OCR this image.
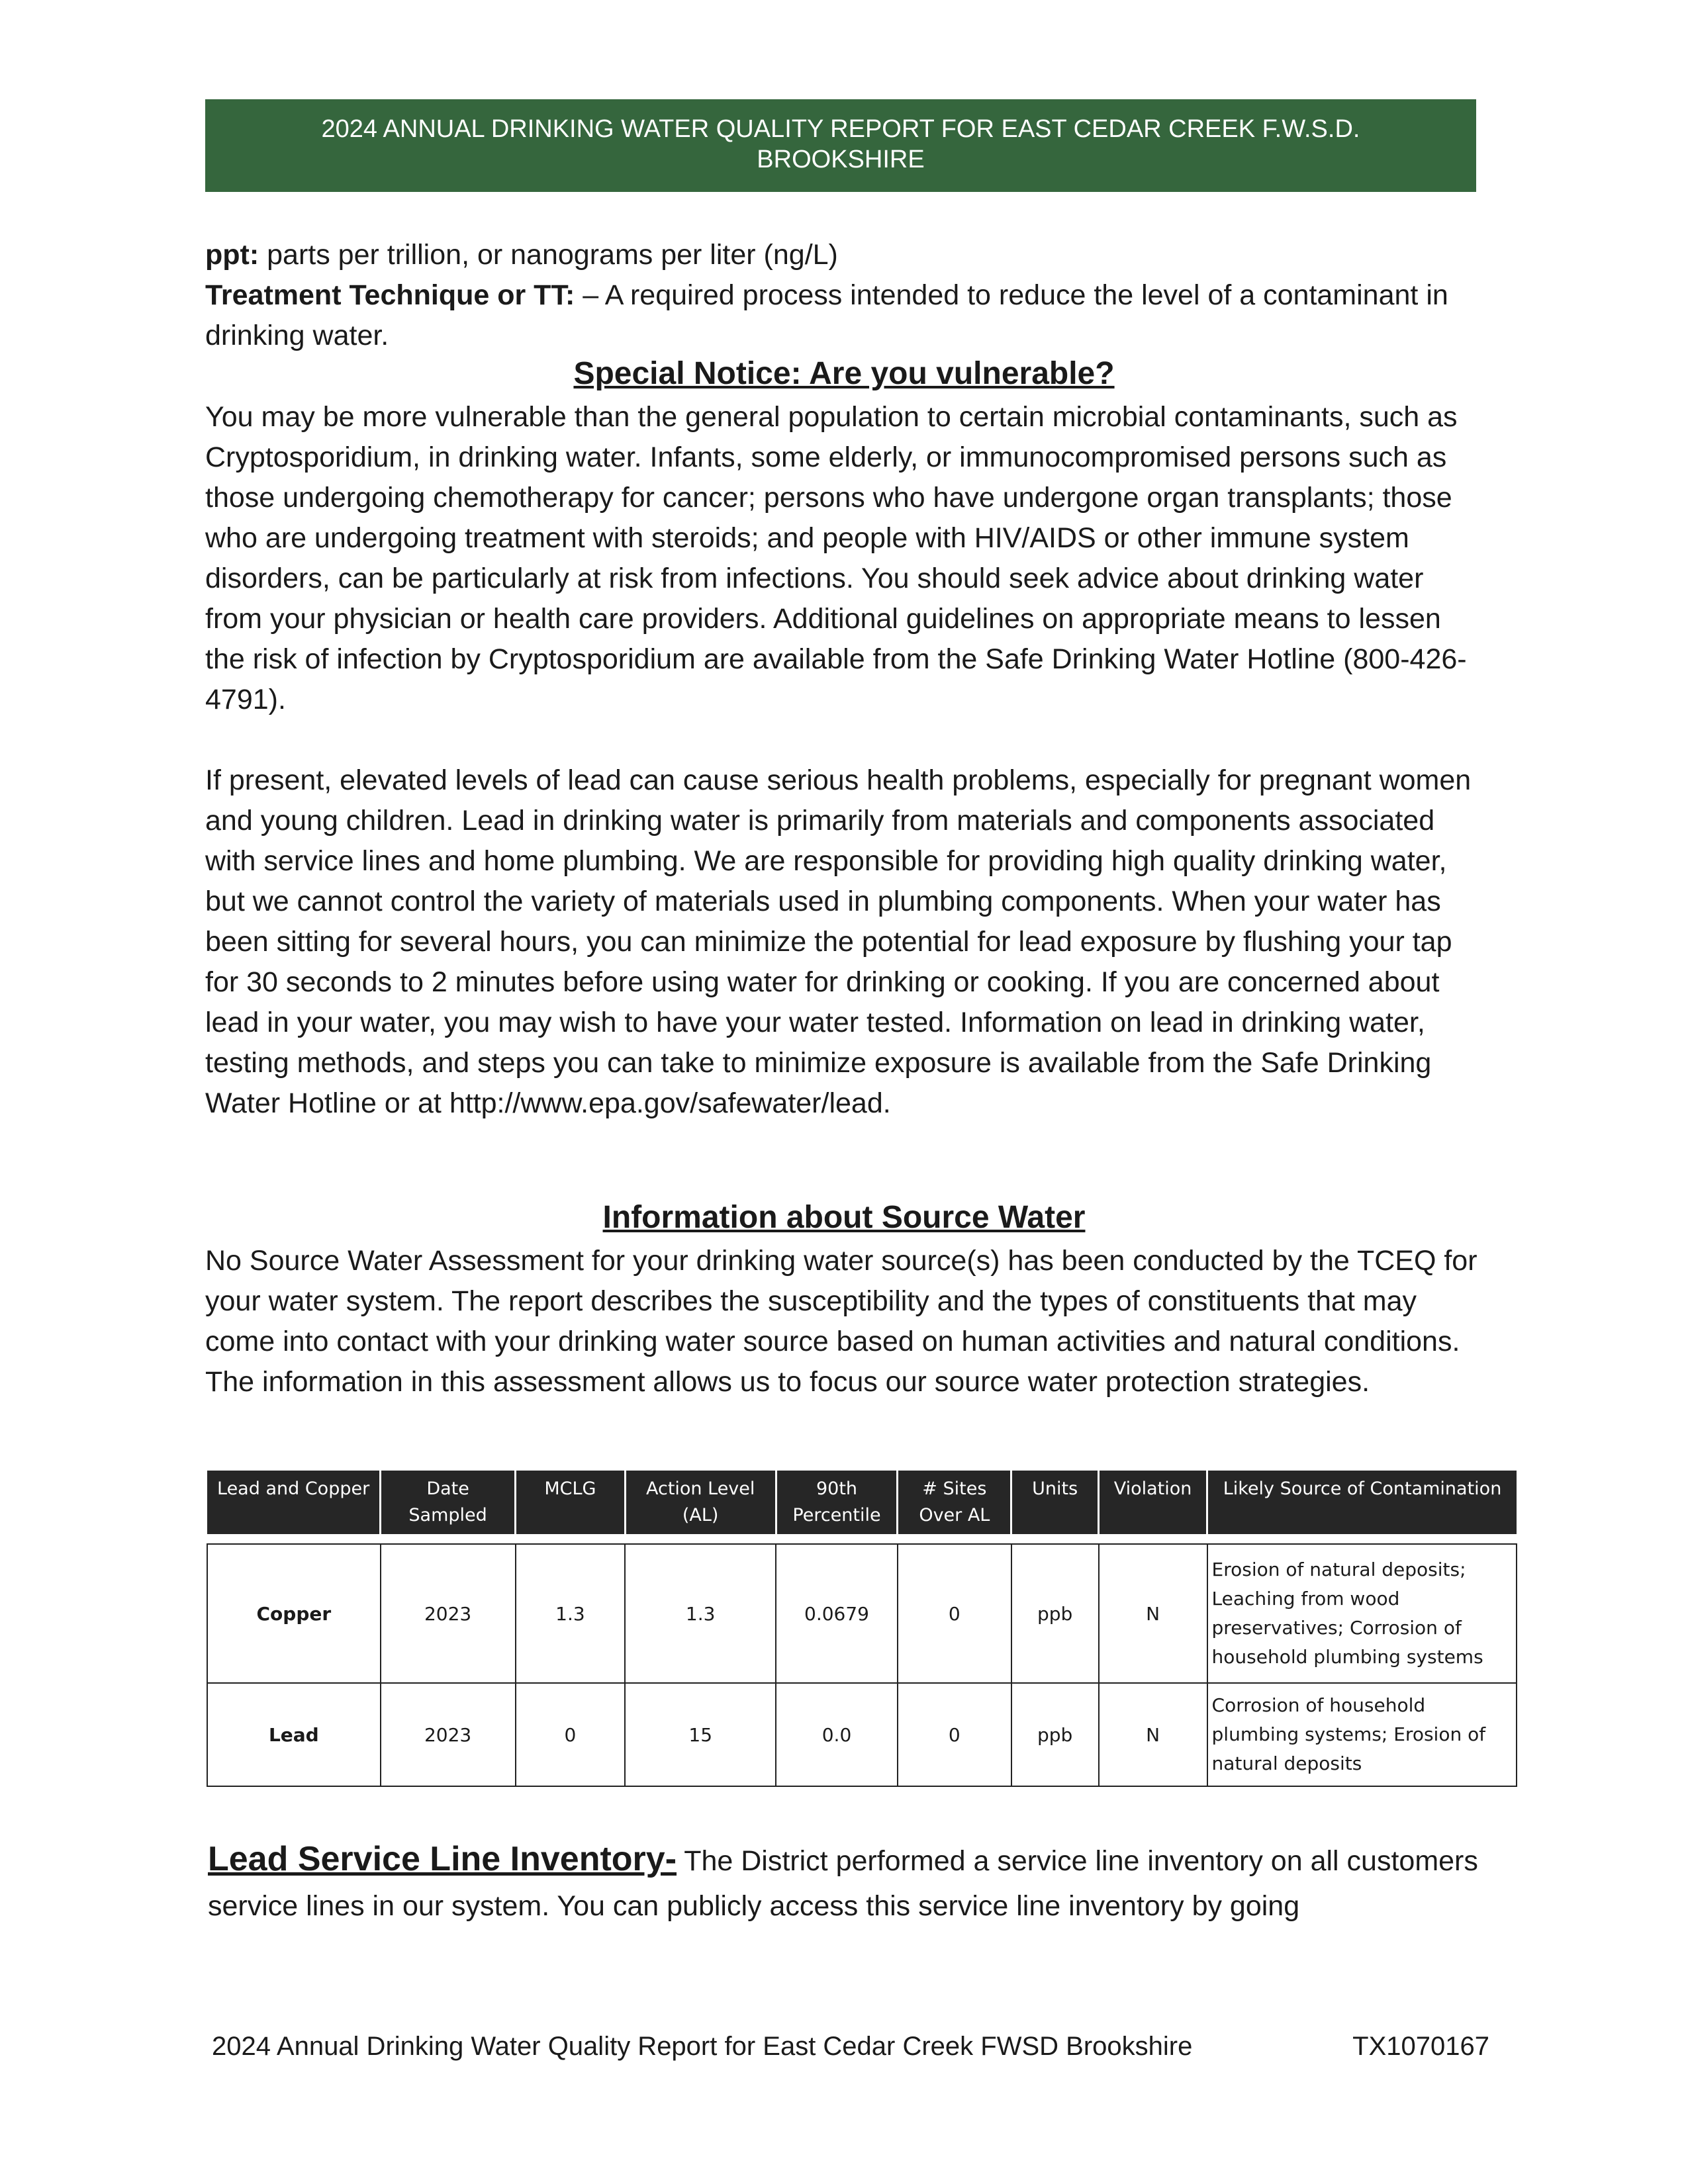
2024 ANNUAL DRINKING WATER QUALITY REPORT FOR EAST CEDAR CREEK F.W.S.D.
BROOKSHIRE

ppt: parts per trillion, or nanograms per liter (ng/L)

Treatment Technique or TT: – A required process intended to reduce the level of a contaminant in drinking water.

Special Notice: Are you vulnerable?

You may be more vulnerable than the general population to certain microbial contaminants, such as Cryptosporidium, in drinking water. Infants, some elderly, or immunocompromised persons such as those undergoing chemotherapy for cancer; persons who have undergone organ transplants; those who are undergoing treatment with steroids; and people with HIV/AIDS or other immune system disorders, can be particularly at risk from infections. You should seek advice about drinking water from your physician or health care providers. Additional guidelines on appropriate means to lessen the risk of infection by Cryptosporidium are available from the Safe Drinking Water Hotline (800-426-4791).

If present, elevated levels of lead can cause serious health problems, especially for pregnant women and young children. Lead in drinking water is primarily from materials and components associated with service lines and home plumbing. We are responsible for providing high quality drinking water, but we cannot control the variety of materials used in plumbing components. When your water has been sitting for several hours, you can minimize the potential for lead exposure by flushing your tap for 30 seconds to 2 minutes before using water for drinking or cooking. If you are concerned about lead in your water, you may wish to have your water tested. Information on lead in drinking water, testing methods, and steps you can take to minimize exposure is available from the Safe Drinking Water Hotline or at http://www.epa.gov/safewater/lead.

Information about Source Water
No Source Water Assessment for your drinking water source(s) has been conducted by the TCEQ for your water system. The report describes the susceptibility and the types of constituents that may come into contact with your drinking water source based on human activities and natural conditions. The information in this assessment allows us to focus our source water protection strategies.
Lead and Copper	Date Sampled	MCLG	Action Level (AL)	90th Percentile	# Sites Over AL	Units	Violation	Likely Source of Contamination

Copper	2023	1.3	1.3	0.0679	0	ppb	N	Erosion of natural deposits; Leaching from wood preservatives; Corrosion of household plumbing systems
Lead	2023	0	15	0.0	0	ppb	N	Corrosion of household plumbing systems; Erosion of natural deposits
Lead Service Line Inventory- The District performed a service line inventory on all customers service lines in our system. You can publicly access this service line inventory by going
2024 Annual Drinking Water Quality Report for East Cedar Creek FWSD Brookshire	TX1070167
